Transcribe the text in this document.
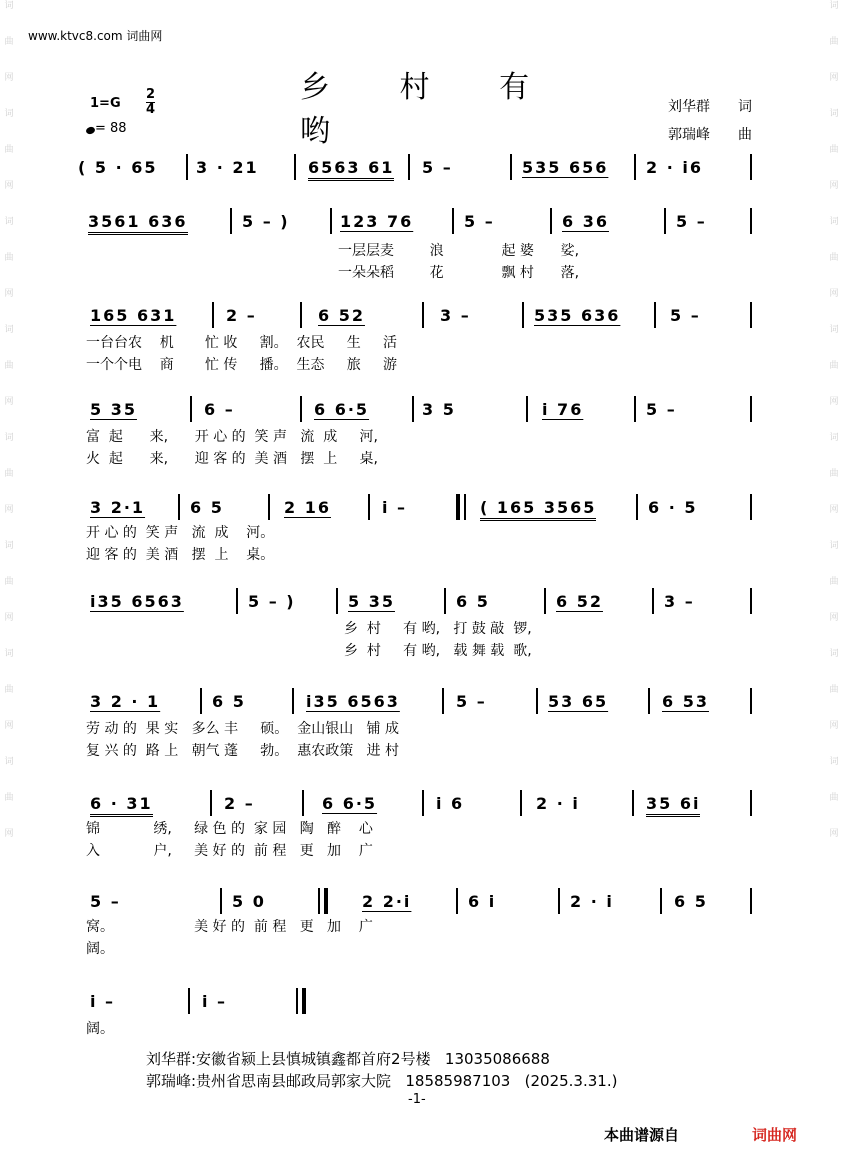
词
曲
网
词
曲
网
词
曲
网
词
曲
网
词
曲
网
词
曲
网
词
曲
网
词
曲
网
词
曲
网
词
曲
网
词
曲
网
词
曲
网
词
曲
网
词
曲
网
词
曲
网
词
曲
网
www.ktvc8.com 词曲网
乡 村 有 哟
1=G
2
4
= 88
刘华群 词
郭瑞峰 曲
( 5 · 65 3 · 21	6563 61 5 –	535 656 2 · i6
3561 636	5 – )	123 76	5 –	6 36	5 –
一层层麦        浪             起 婆      娑,
一朵朵稻        花             飘 村      落,
165 631	2 –	6 52	3 –	535 636	5 –
一台台农    机       忙 收     割。  农民     生     活
一个个电    商       忙 传     播。  生态     旅     游
5 35	6 –	6 6·5	3 5	i 76	5 –
富  起      来,      开 心 的  笑 声   流  成     河,
火  起      来,      迎 客 的  美 酒   摆  上     桌,
3 2·1	6 5	2 16	i –	( 165 3565	6 · 5
开 心 的  笑 声   流  成    河。
迎 客 的  美 酒   摆  上    桌。
i35 6563	5 – )	5 35	6 5	6 52	3 –
乡  村     有 哟,   打 鼓 敲  锣,
乡  村     有 哟,   载 舞 载  歌,
3 2 · 1	6 5	i35 6563	5 –	53 65	6 53
劳 动 的  果 实   多么 丰     硕。  金山银山   铺 成
复 兴 的  路 上   朝气 蓬     勃。  惠农政策   进 村
6 · 31	2 –	6 6·5	i 6	2 · i	35 6i
锦            绣,     绿 色 的  家 园   陶   醉    心
入            户,     美 好 的  前 程   更   加    广
5 –	5 0	2 2·i	6 i	2 · i	6 5
窝。                  美 好 的  前 程   更   加    广
阔。
i –	i –
阔。
刘华群:安徽省颍上县慎城镇鑫都首府2号楼   13035086688
郭瑞峰:贵州省思南县邮政局郭家大院   18585987103   (2025.3.31.)
-1-
本曲谱源自	词曲网
